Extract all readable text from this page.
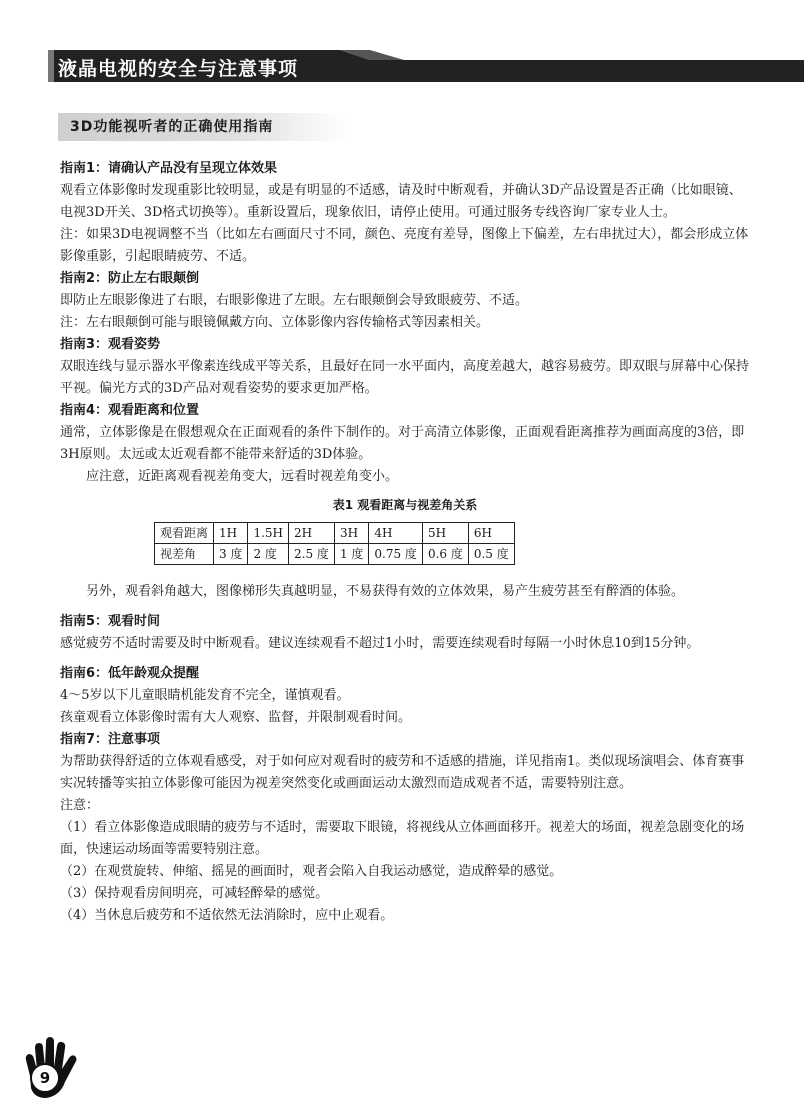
液晶电视的安全与注意事项
3D功能视听者的正确使用指南
指南1：请确认产品没有呈现立体效果

观看立体影像时发现重影比较明显，或是有明显的不适感，请及时中断观看，并确认3D产品设置是否正确（比如眼镜、电视3D开关、3D格式切换等）。重新设置后，现象依旧，请停止使用。可通过服务专线咨询厂家专业人士。

注：如果3D电视调整不当（比如左右画面尺寸不同，颜色、亮度有差导，图像上下偏差，左右串扰过大），都会形成立体影像重影，引起眼睛疲劳、不适。

指南2：防止左右眼颠倒

即防止左眼影像进了右眼，右眼影像进了左眼。左右眼颠倒会导致眼疲劳、不适。

注：左右眼颠倒可能与眼镜佩戴方向、立体影像内容传输格式等因素相关。

指南3：观看姿势

双眼连线与显示器水平像素连线成平等关系，且最好在同一水平面内，高度差越大，越容易疲劳。即双眼与屏幕中心保持平视。偏光方式的3D产品对观看姿势的要求更加严格。

指南4：观看距离和位置

通常，立体影像是在假想观众在正面观看的条件下制作的。对于高清立体影像，正面观看距离推荐为画面高度的3倍，即3H原则。太远或太近观看都不能带来舒适的3D体验。

应注意，近距离观看视差角变大，远看时视差角变小。

表1 观看距离与视差角关系
观看距离	1H	1.5H	2H	3H	4H	5H	6H
视差角	3 度	2 度	2.5 度	1 度	0.75 度	0.6 度	0.5 度

另外，观看斜角越大，图像梯形失真越明显，不易获得有效的立体效果，易产生疲劳甚至有醉酒的体验。

指南5：观看时间

感觉疲劳不适时需要及时中断观看。建议连续观看不超过1小时，需要连续观看时每隔一小时休息10到15分钟。

指南6：低年龄观众提醒

4～5岁以下儿童眼睛机能发育不完全，谨慎观看。

孩童观看立体影像时需有大人观察、监督，并限制观看时间。

指南7：注意事项

为帮助获得舒适的立体观看感受，对于如何应对观看时的疲劳和不适感的措施，详见指南1。类似现场演唱会、体育赛事实况转播等实拍立体影像可能因为视差突然变化或画面运动太激烈而造成观者不适，需要特别注意。

注意：

（1）看立体影像造成眼睛的疲劳与不适时，需要取下眼镜，将视线从立体画面移开。视差大的场面，视差急剧变化的场面，快速运动场面等需要特别注意。

（2）在观赏旋转、伸缩、摇晃的画面时，观者会陷入自我运动感觉，造成醉晕的感觉。

（3）保持观看房间明亮，可减轻醉晕的感觉。

（4）当休息后疲劳和不适依然无法消除时，应中止观看。

9
